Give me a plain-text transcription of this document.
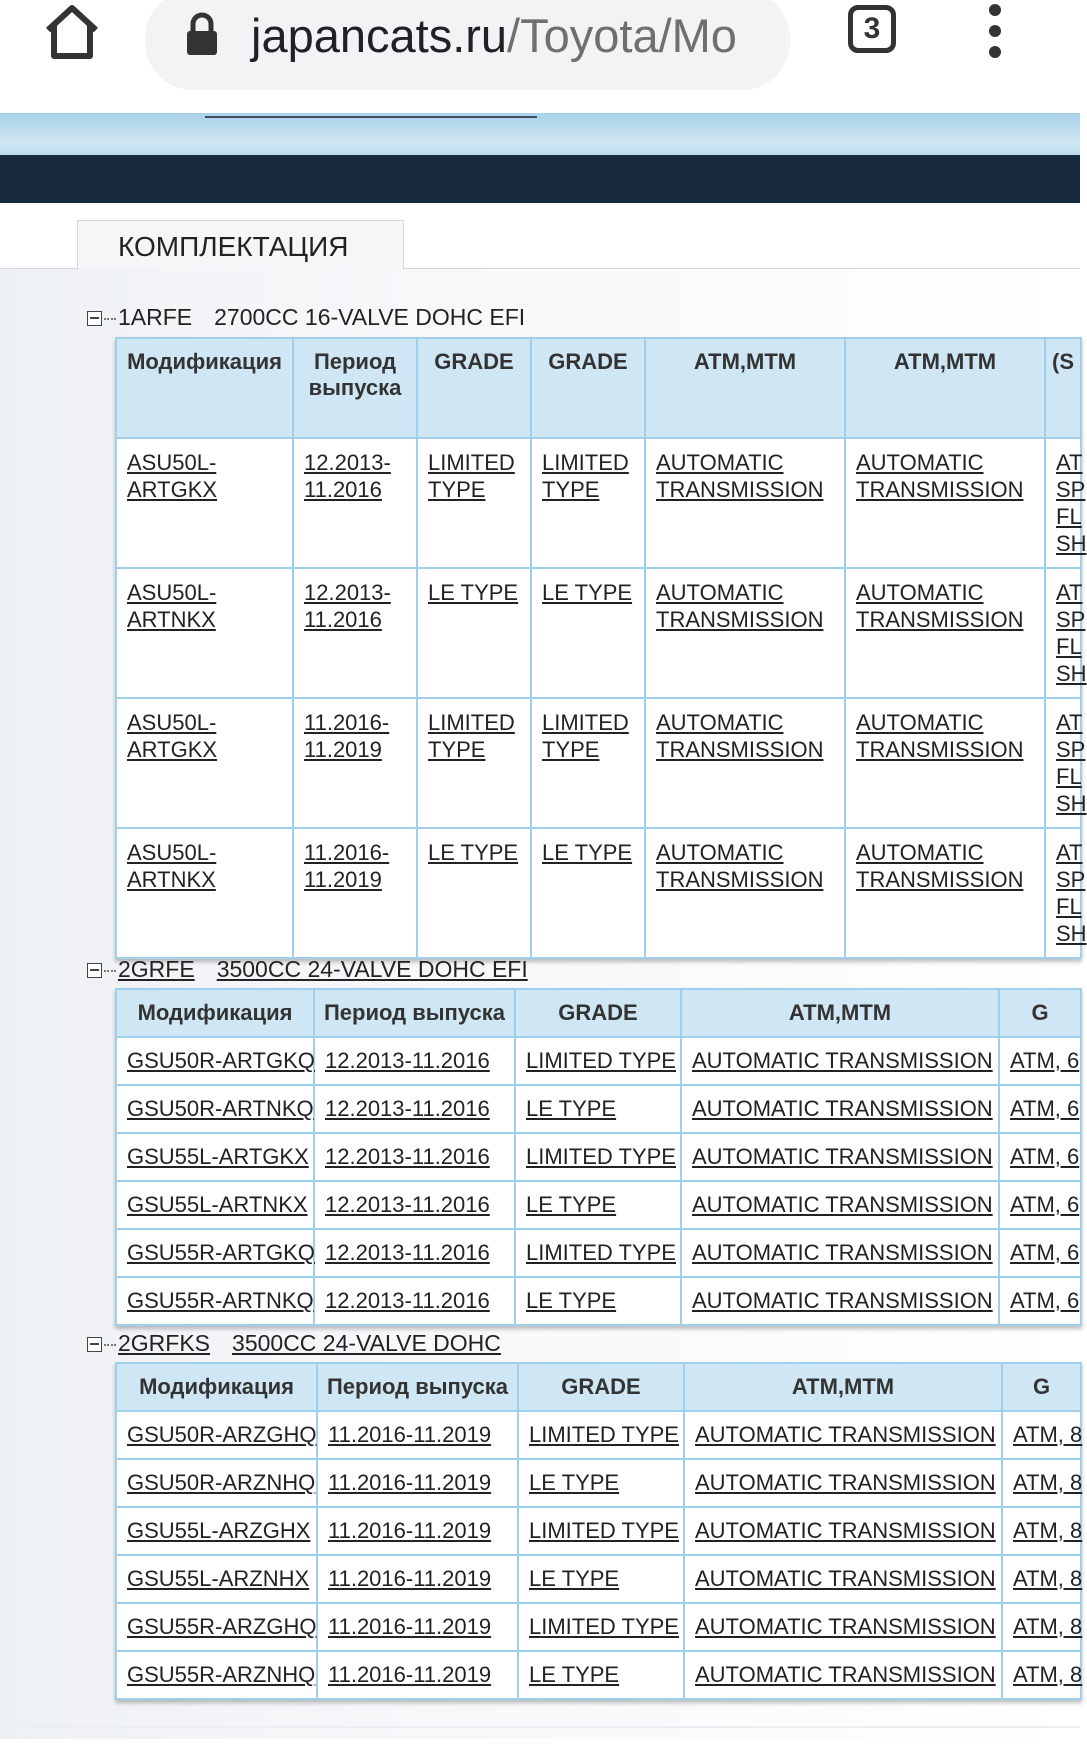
japancats.ru/Toyota/Mo	3
КОМПЛЕКТАЦИЯ
1ARFE 2700CC 16-VALVE DOHC EFI
Модификация	Период выпуска	GRADE	GRADE	ATM,MTM	ATM,MTM	(S
ASU50L-ARTGKX	12.2013-11.2016	LIMITED TYPE	LIMITED TYPE	AUTOMATIC TRANSMISSION	AUTOMATIC TRANSMISSION	AT SP FL SH
ASU50L-ARTNKX	12.2013-11.2016	LE TYPE	LE TYPE	AUTOMATIC TRANSMISSION	AUTOMATIC TRANSMISSION	AT SP FL SH
ASU50L-ARTGKX	11.2016-11.2019	LIMITED TYPE	LIMITED TYPE	AUTOMATIC TRANSMISSION	AUTOMATIC TRANSMISSION	AT SP FL SH
ASU50L-ARTNKX	11.2016-11.2019	LE TYPE	LE TYPE	AUTOMATIC TRANSMISSION	AUTOMATIC TRANSMISSION	AT SP FL SH
2GRFE 3500CC 24-VALVE DOHC EFI
Модификация	Период выпуска	GRADE	ATM,MTM	G
GSU50R-ARTGKQ	12.2013-11.2016	LIMITED TYPE	AUTOMATIC TRANSMISSION	ATM, 6
GSU50R-ARTNKQ	12.2013-11.2016	LE TYPE	AUTOMATIC TRANSMISSION	ATM, 6
GSU55L-ARTGKX	12.2013-11.2016	LIMITED TYPE	AUTOMATIC TRANSMISSION	ATM, 6
GSU55L-ARTNKX	12.2013-11.2016	LE TYPE	AUTOMATIC TRANSMISSION	ATM, 6
GSU55R-ARTGKQ	12.2013-11.2016	LIMITED TYPE	AUTOMATIC TRANSMISSION	ATM, 6
GSU55R-ARTNKQ	12.2013-11.2016	LE TYPE	AUTOMATIC TRANSMISSION	ATM, 6
2GRFKS 3500CC 24-VALVE DOHC
Модификация	Период выпуска	GRADE	ATM,MTM	G
GSU50R-ARZGHQ	11.2016-11.2019	LIMITED TYPE	AUTOMATIC TRANSMISSION	ATM, 8
GSU50R-ARZNHQ	11.2016-11.2019	LE TYPE	AUTOMATIC TRANSMISSION	ATM, 8
GSU55L-ARZGHX	11.2016-11.2019	LIMITED TYPE	AUTOMATIC TRANSMISSION	ATM, 8
GSU55L-ARZNHX	11.2016-11.2019	LE TYPE	AUTOMATIC TRANSMISSION	ATM, 8
GSU55R-ARZGHQ	11.2016-11.2019	LIMITED TYPE	AUTOMATIC TRANSMISSION	ATM, 8
GSU55R-ARZNHQ	11.2016-11.2019	LE TYPE	AUTOMATIC TRANSMISSION	ATM, 8
